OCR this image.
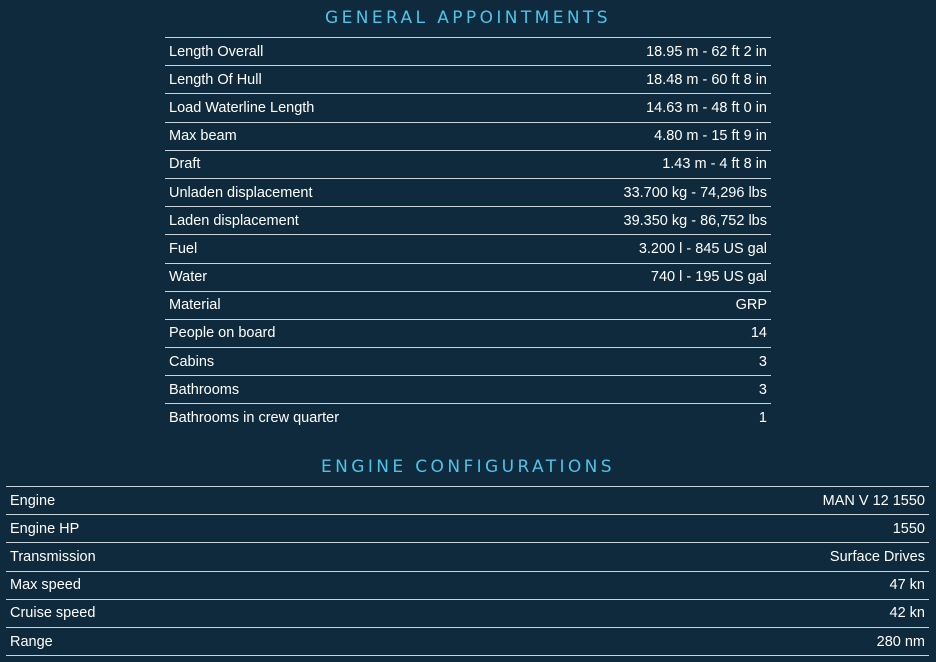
GENERAL APPOINTMENTS
Length Overall	18.95 m - 62 ft 2 in
Length Of Hull	18.48 m - 60 ft 8 in
Load Waterline Length	14.63 m - 48 ft 0 in
Max beam	4.80 m - 15 ft 9 in
Draft	1.43 m - 4 ft 8 in
Unladen displacement	33.700 kg - 74,296 lbs
Laden displacement	39.350 kg - 86,752 lbs
Fuel	3.200 l - 845 US gal
Water	740 l - 195 US gal
Material	GRP
People on board	14
Cabins	3
Bathrooms	3
Bathrooms in crew quarter	1
ENGINE CONFIGURATIONS
Engine	MAN V 12 1550
Engine HP	1550
Transmission	Surface Drives
Max speed	47 kn
Cruise speed	42 kn
Range	280 nm
